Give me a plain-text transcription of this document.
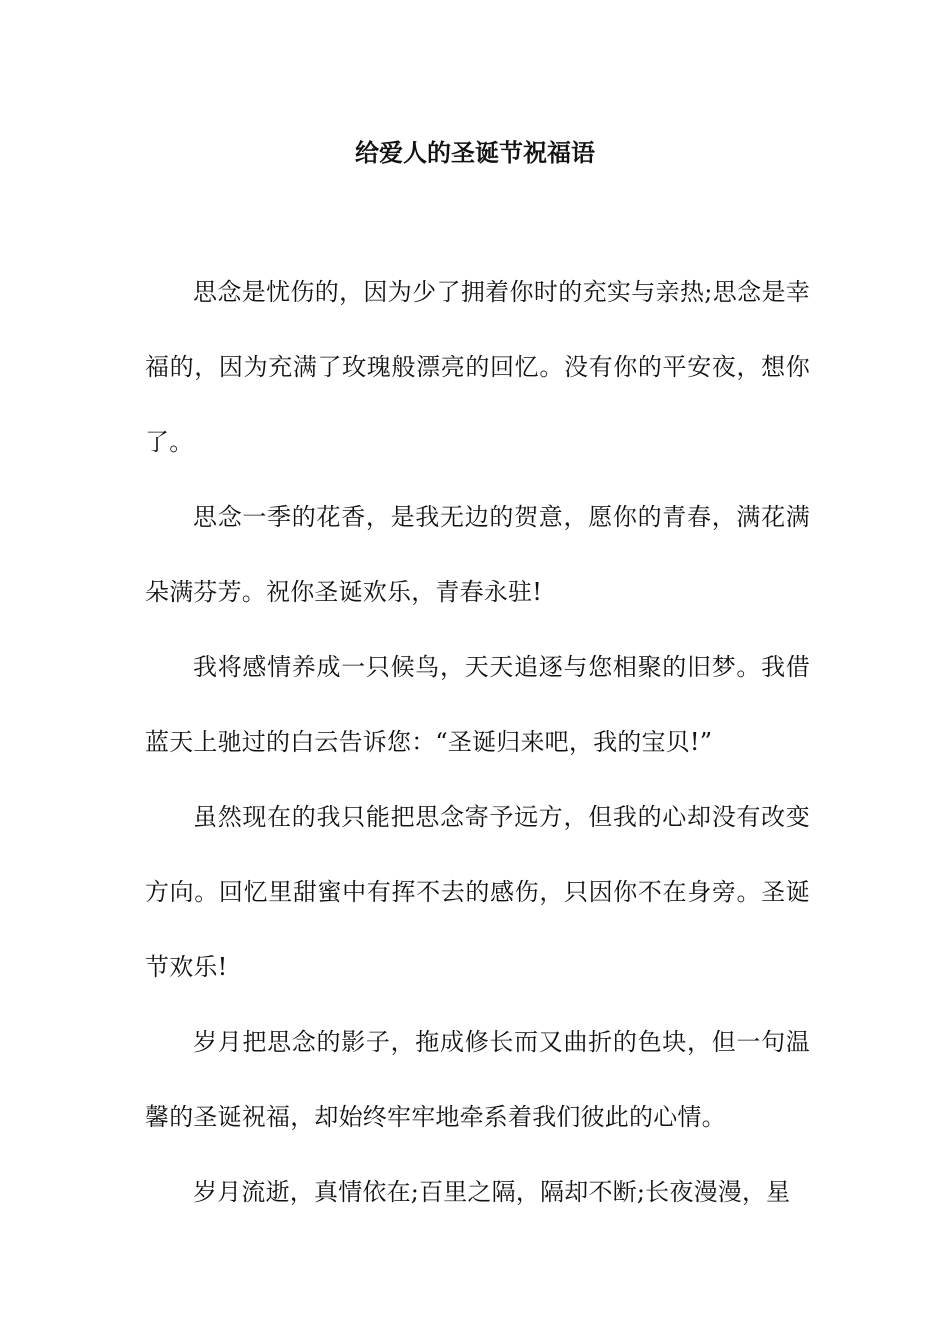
给爱人的圣诞节祝福语

思念是忧伤的，因为少了拥着你时的充实与亲热;思念是幸福的，因为充满了玫瑰般漂亮的回忆。没有你的平安夜，想你了。

思念一季的花香，是我无边的贺意，愿你的青春，满花满朵满芬芳。祝你圣诞欢乐，青春永驻!

我将感情养成一只候鸟，天天追逐与您相聚的旧梦。我借蓝天上驰过的白云告诉您：“圣诞归来吧，我的宝贝!”

虽然现在的我只能把思念寄予远方，但我的心却没有改变方向。回忆里甜蜜中有挥不去的感伤，只因你不在身旁。圣诞节欢乐!

岁月把思念的影子，拖成修长而又曲折的色块，但一句温馨的圣诞祝福，却始终牢牢地牵系着我们彼此的心情。

岁月流逝，真情依在;百里之隔，隔却不断;长夜漫漫，星
